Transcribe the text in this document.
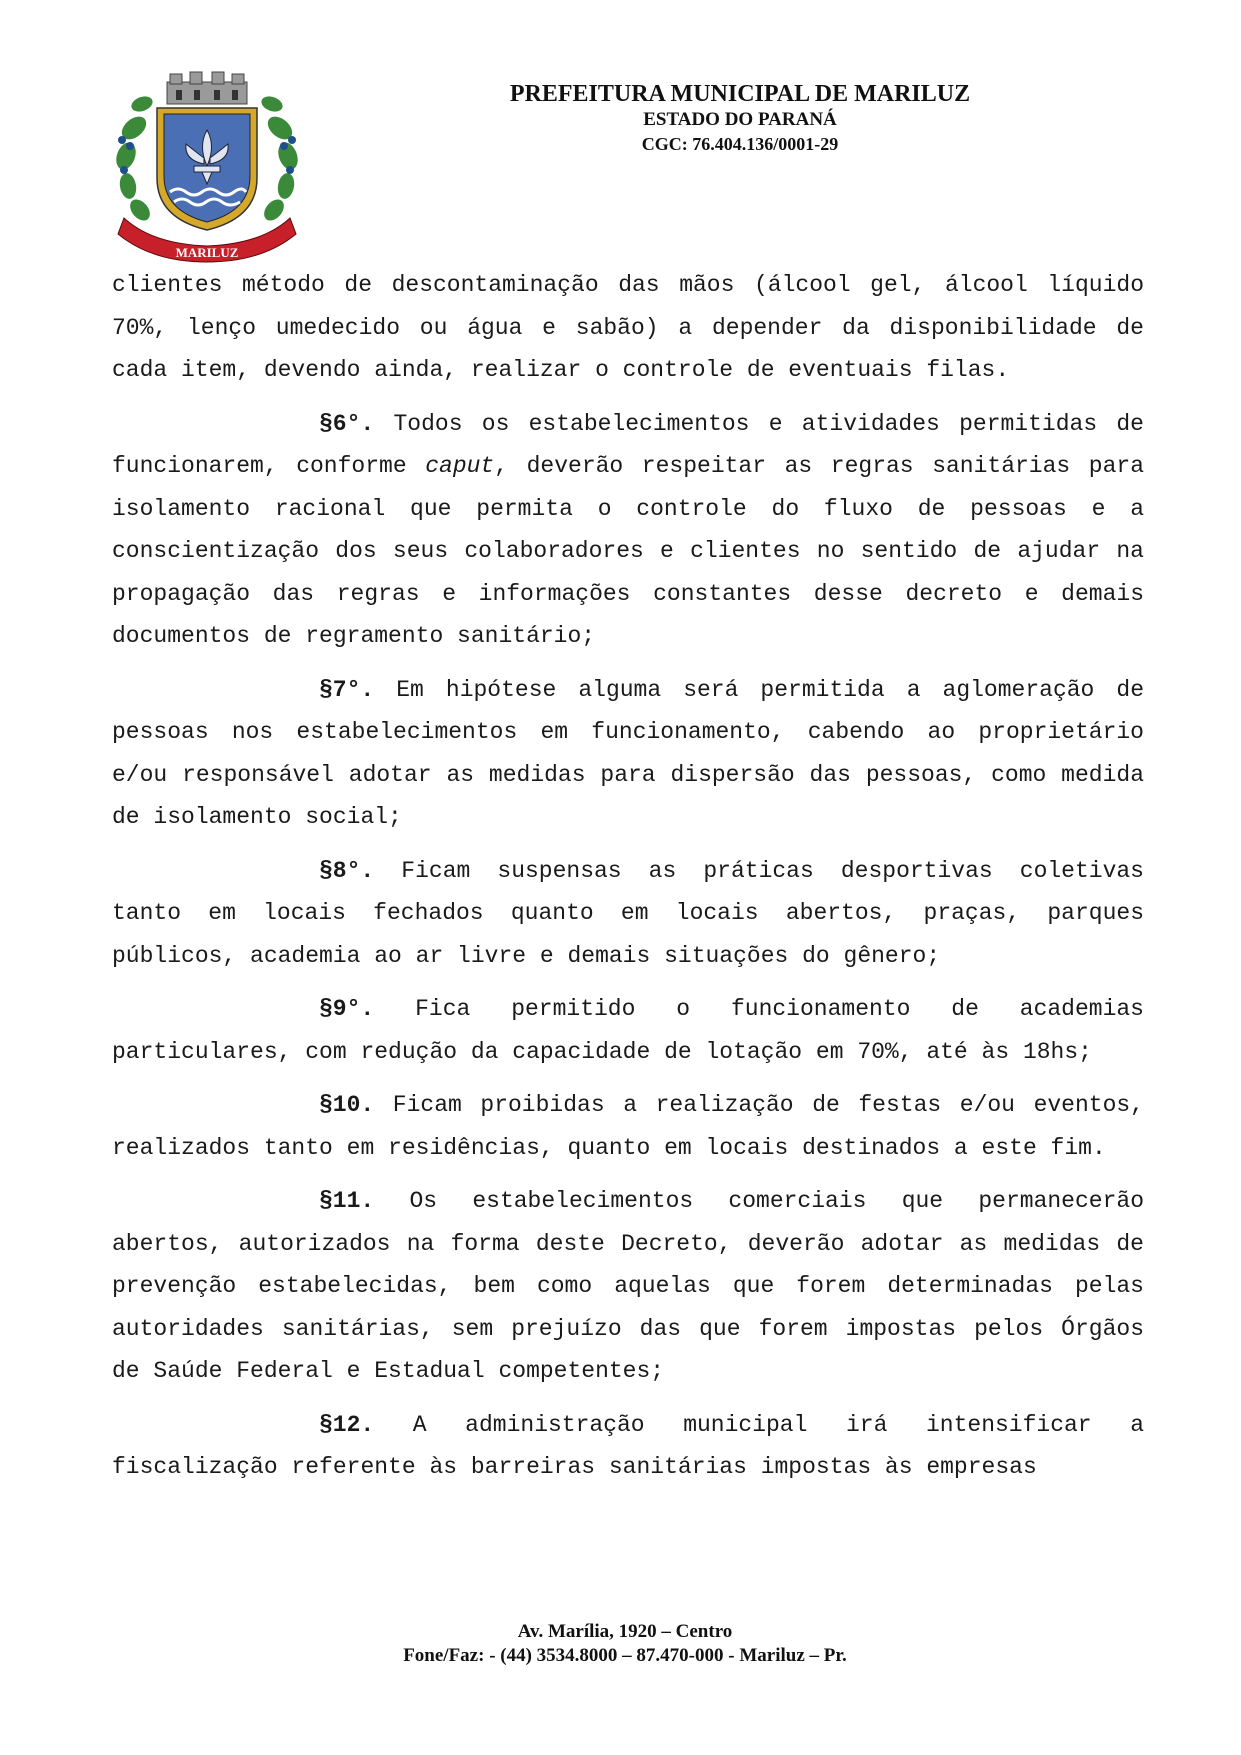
MARILUZ
PREFEITURA MUNICIPAL DE MARILUZ
ESTADO DO PARANÁ
CGC: 76.404.136/0001-29

clientes método de descontaminação das mãos (álcool gel, álcool líquido 70%, lenço umedecido ou água e sabão) a depender da disponibilidade de cada item, devendo ainda, realizar o controle de eventuais filas.

§6°. Todos os estabelecimentos e atividades permitidas de funcionarem, conforme caput, deverão respeitar as regras sanitárias para isolamento racional que permita o controle do fluxo de pessoas e a conscientização dos seus colaboradores e clientes no sentido de ajudar na propagação das regras e informações constantes desse decreto e demais documentos de regramento sanitário;

§7°. Em hipótese alguma será permitida a aglomeração de pessoas nos estabelecimentos em funcionamento, cabendo ao proprietário e/ou responsável adotar as medidas para dispersão das pessoas, como medida de isolamento social;

§8°. Ficam suspensas as práticas desportivas coletivas tanto em locais fechados quanto em locais abertos, praças, parques públicos, academia ao ar livre e demais situações do gênero;

§9°. Fica permitido o funcionamento de academias particulares, com redução da capacidade de lotação em 70%, até às 18hs;

§10. Ficam proibidas a realização de festas e/ou eventos, realizados tanto em residências, quanto em locais destinados a este fim.

§11. Os estabelecimentos comerciais que permanecerão abertos, autorizados na forma deste Decreto, deverão adotar as medidas de prevenção estabelecidas, bem como aquelas que forem determinadas pelas autoridades sanitárias, sem prejuízo das que forem impostas pelos Órgãos de Saúde Federal e Estadual competentes;

§12. A administração municipal irá intensificar a fiscalização referente às barreiras sanitárias impostas às empresas

Av. Marília, 1920 – Centro
Fone/Faz: - (44) 3534.8000 – 87.470-000 - Mariluz – Pr.
